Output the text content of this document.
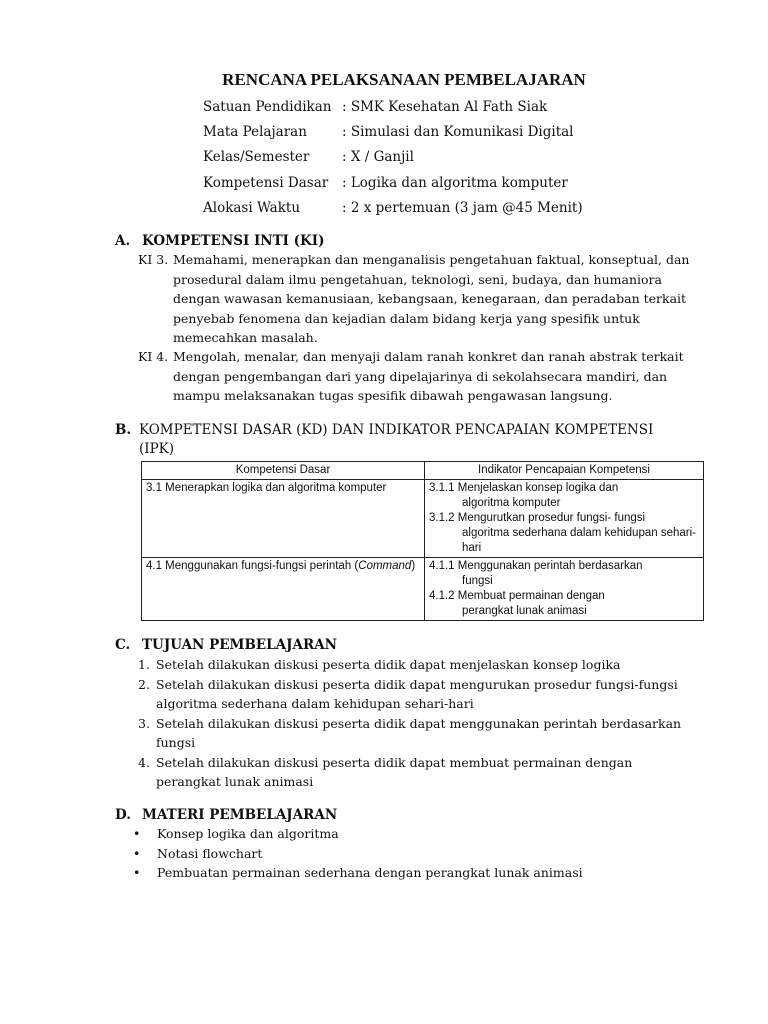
RENCANA PELAKSANAAN PEMBELAJARAN
Satuan Pendidikan : SMK Kesehatan Al Fath Siak
Mata Pelajaran	: Simulasi dan Komunikasi Digital
Kelas/Semester : X / Ganjil
Kompetensi Dasar : Logika dan algoritma komputer
Alokasi Waktu	: 2 x pertemuan (3 jam @45 Menit)
A. KOMPETENSI INTI (KI)
KI 3. Memahami, menerapkan dan menganalisis pengetahuan faktual, konseptual, dan
prosedural dalam ilmu pengetahuan, teknologi, seni, budaya, dan humaniora
dengan wawasan kemanusiaan, kebangsaan, kenegaraan, dan peradaban terkait
penyebab fenomena dan kejadian dalam bidang kerja yang spesifik untuk
memecahkan masalah.
KI 4. Mengolah, menalar, dan menyaji dalam ranah konkret dan ranah abstrak terkait
dengan pengembangan dari yang dipelajarinya di sekolahsecara mandiri, dan
mampu melaksanakan tugas spesifik dibawah pengawasan langsung.
B. KOMPETENSI DASAR (KD) DAN INDIKATOR PENCAPAIAN KOMPETENSI (IPK)
Kompetensi Dasar	Indikator Pencapaian Kompetensi
3.1 Menerapkan logika dan algoritma komputer	3.1.1 Menjelaskan konsep logika dan
algoritma komputer
3.1.2 Mengurutkan prosedur fungsi- fungsi
algoritma sederhana dalam kehidupan sehari- hari

4.1 Menggunakan fungsi-fungsi perintah (Command)	4.1.1 Menggunakan perintah berdasarkan
fungsi
4.1.2 Membuat permainan dengan
perangkat lunak animasi
C. TUJUAN PEMBELAJARAN
1. Setelah dilakukan diskusi peserta didik dapat menjelaskan konsep logika
2. Setelah dilakukan diskusi peserta didik dapat mengurukan prosedur fungsi-fungsi algoritma sederhana dalam kehidupan sehari-hari
3. Setelah dilakukan diskusi peserta didik dapat menggunakan perintah berdasarkan fungsi
4. Setelah dilakukan diskusi peserta didik dapat membuat permainan dengan perangkat lunak animasi
D. MATERI PEMBELAJARAN
• Konsep logika dan algoritma
• Notasi flowchart
• Pembuatan permainan sederhana dengan perangkat lunak animasi
